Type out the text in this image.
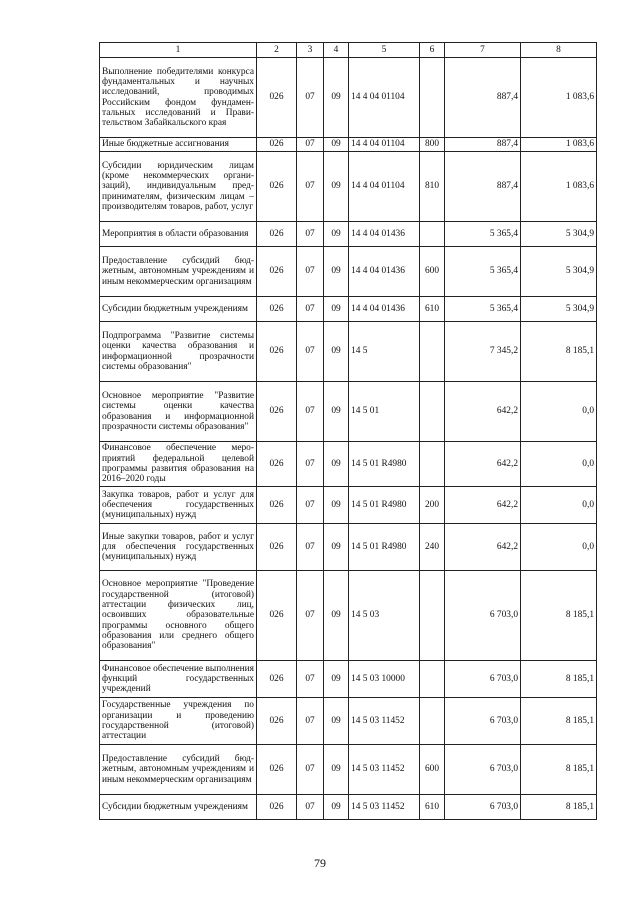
1	2	3	4	5	6	7	8
Выполнение победителями конкурса фундаментальных и научных исследований, проводимых Российским фондом фундаментальных исследований и Правительством Забайкальского края	026	07	09	14 4 04 01104		887,4	1 083,6
Иные бюджетные ассигнования	026	07	09	14 4 04 01104	800	887,4	1 083,6
Субсидии юридическим лицам (кроме некоммерческих организаций), индивидуальным предпринимателям, физическим лицам – производителям товаров, работ, услуг	026	07	09	14 4 04 01104	810	887,4	1 083,6
Мероприятия в области образования	026	07	09	14 4 04 01436		5 365,4	5 304,9
Предоставление субсидий бюджетным, автономным учреждениям и иным некоммерческим организациям	026	07	09	14 4 04 01436	600	5 365,4	5 304,9
Субсидии бюджетным учреждениям	026	07	09	14 4 04 01436	610	5 365,4	5 304,9
Подпрограмма "Развитие системы оценки качества образования и информационной прозрачности системы образования"	026	07	09	14 5		7 345,2	8 185,1
Основное мероприятие "Развитие системы оценки качества образования и информационной прозрачности системы образования"	026	07	09	14 5 01		642,2	0,0
Финансовое обеспечение мероприятий федеральной целевой программы развития образования на 2016–2020 годы	026	07	09	14 5 01 R4980		642,2	0,0
Закупка товаров, работ и услуг для обеспечения государственных (муниципальных) нужд	026	07	09	14 5 01 R4980	200	642,2	0,0
Иные закупки товаров, работ и услуг для обеспечения государственных (муниципальных) нужд	026	07	09	14 5 01 R4980	240	642,2	0,0
Основное мероприятие "Проведение государственной (итоговой) аттестации физических лиц, освоивших образовательные программы основного общего образования или среднего общего образования"	026	07	09	14 5 03		6 703,0	8 185,1
Финансовое обеспечение выполнения функций государственных учреждений	026	07	09	14 5 03 10000		6 703,0	8 185,1
Государственные учреждения по организации и проведению государственной (итоговой) аттестации	026	07	09	14 5 03 11452		6 703,0	8 185,1
Предоставление субсидий бюджетным, автономным учреждениям и иным некоммерческим организациям	026	07	09	14 5 03 11452	600	6 703,0	8 185,1
Субсидии бюджетным учреждениям	026	07	09	14 5 03 11452	610	6 703,0	8 185,1
79
